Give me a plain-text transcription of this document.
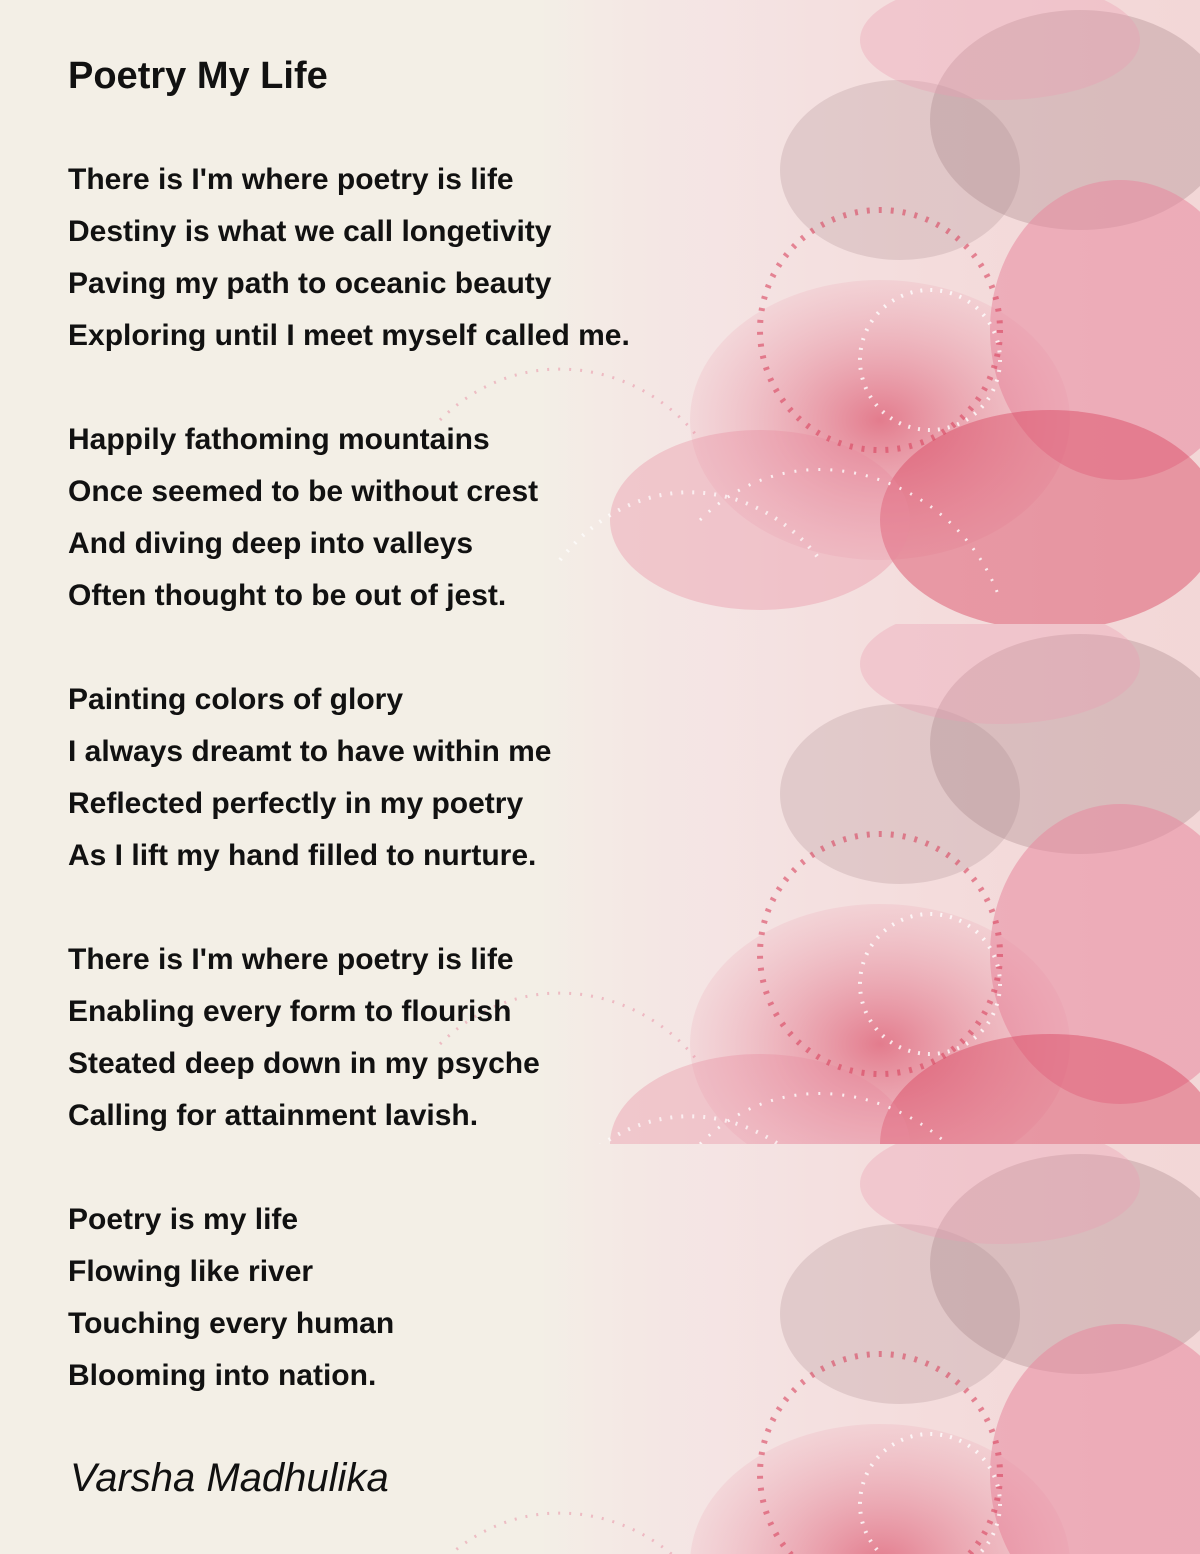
Poetry My Life
There is I'm where poetry is life
Destiny is what we call longetivity
Paving my path to oceanic beauty
Exploring until I meet myself called me.
Happily fathoming mountains
Once seemed to be without crest
And diving deep into valleys
Often thought to be out of jest.
Painting colors of glory
I always dreamt to have within me
Reflected perfectly in my poetry
As I lift my hand filled to nurture.
There is I'm where poetry is life
Enabling every form to flourish
Steated deep down in my psyche
Calling for attainment lavish.
Poetry is my life
Flowing like river
Touching every human
Blooming into nation.
Varsha Madhulika
